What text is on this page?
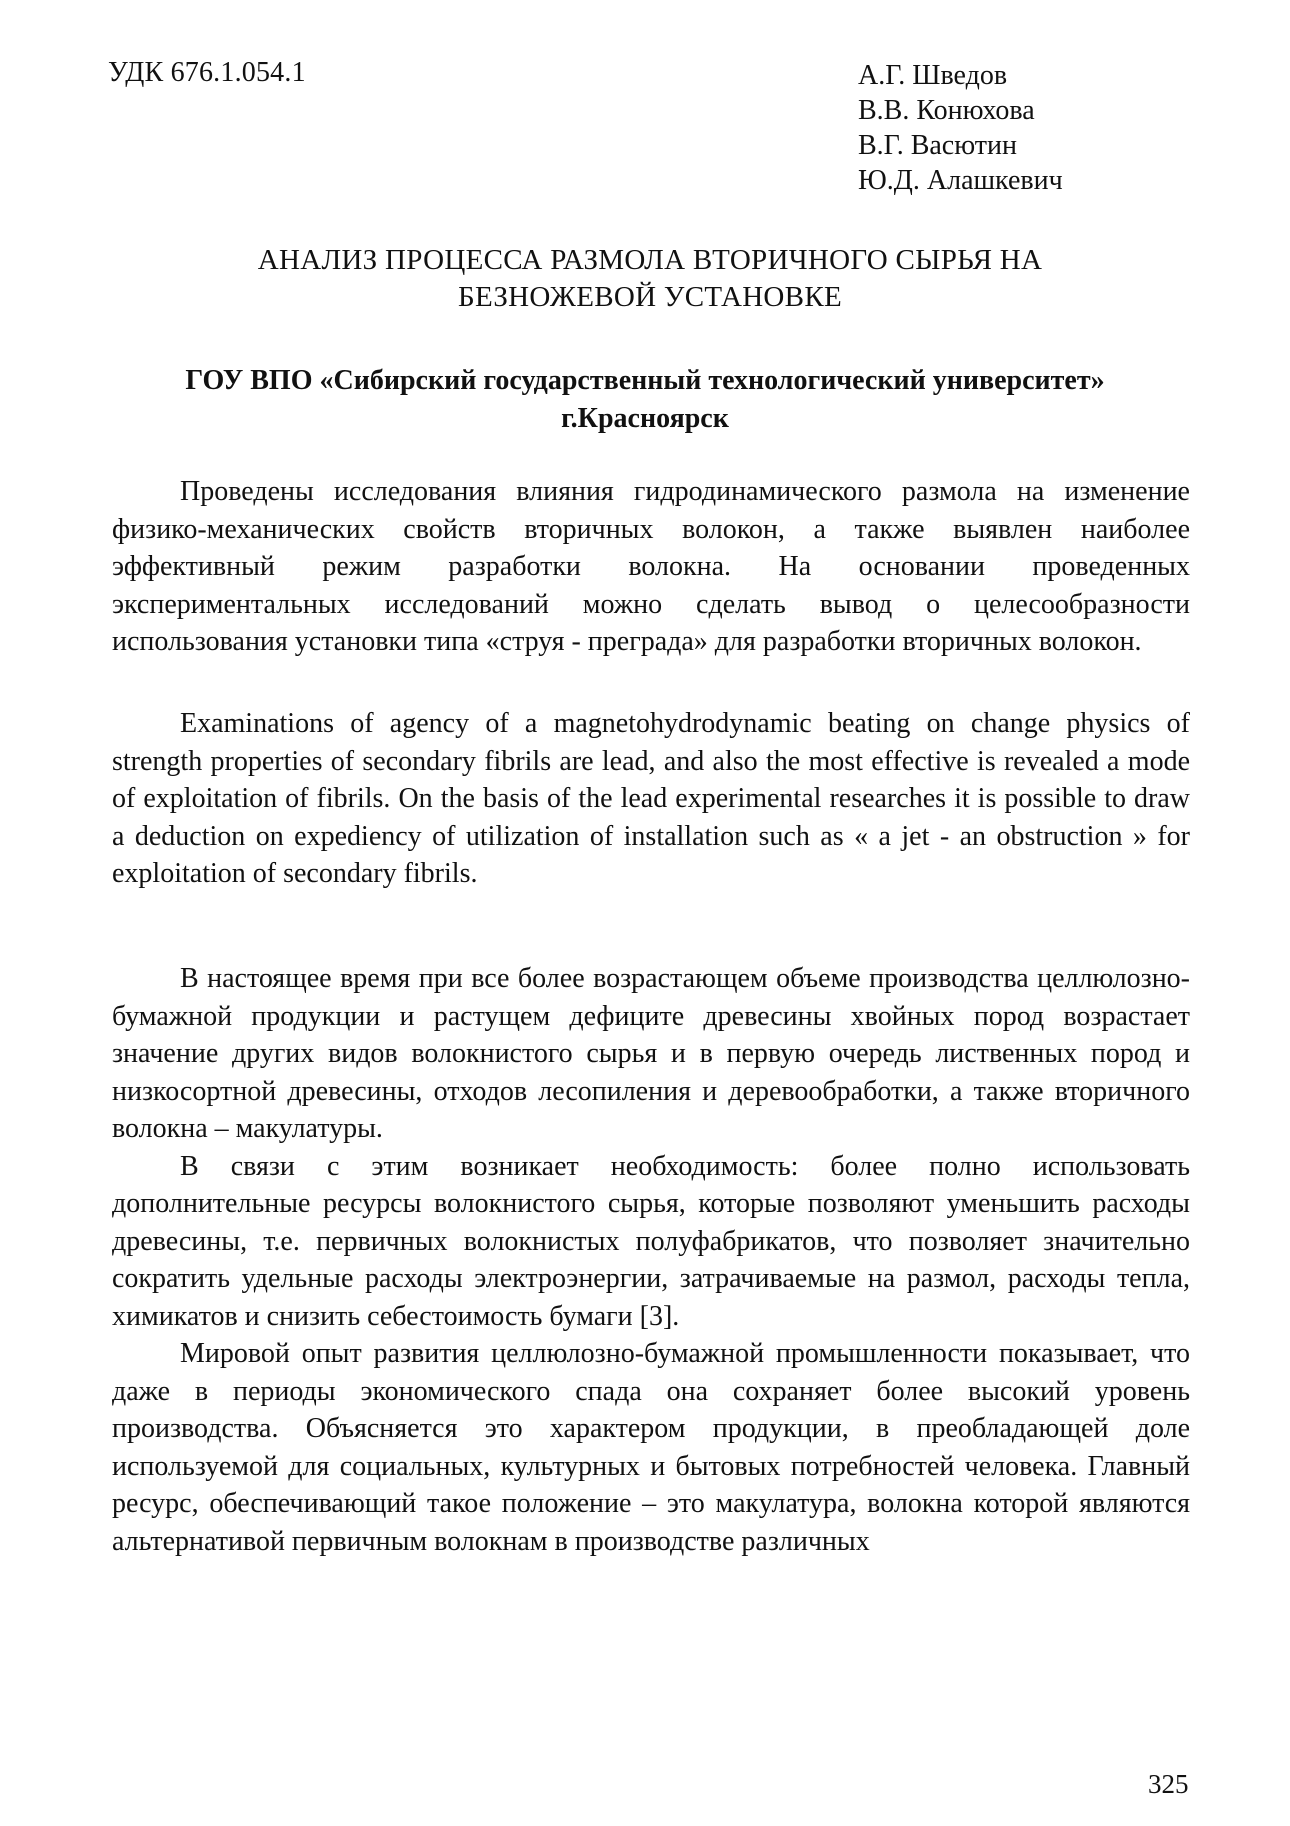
УДК 676.1.054.1	А.Г. Шведов
В.В. Конюхова
В.Г. Васютин
Ю.Д. Алашкевич
АНАЛИЗ ПРОЦЕССА РАЗМОЛА ВТОРИЧНОГО СЫРЬЯ НА
БЕЗНОЖЕВОЙ УСТАНОВКЕ
ГОУ ВПО «Сибирский государственный технологический университет»
г.Красноярск

Проведены исследования влияния гидродинамического размола на изменение физико-механических свойств вторичных волокон, а также выявлен наиболее эффективный режим разработки волокна. На основании проведенных экспериментальных исследований можно сделать вывод о целесообразности использования установки типа «струя - преграда» для разработки вторичных волокон.

Examinations of agency of a magnetohydrodynamic beating on change physics of strength properties of secondary fibrils are lead, and also the most effective is revealed a mode of exploitation of fibrils. On the basis of the lead experimental researches it is possible to draw a deduction on expediency of utilization of installation such as « a jet - an obstruction » for exploitation of secondary fibrils.

В настоящее время при все более возрастающем объеме производства целлюлозно-бумажной продукции и растущем дефиците древесины хвойных пород возрастает значение других видов волокнистого сырья и в первую очередь лиственных пород и низкосортной древесины, отходов лесопиления и деревообработки, а также вторичного волокна – макулатуры.

В связи с этим возникает необходимость: более полно использовать дополнительные ресурсы волокнистого сырья, которые позволяют уменьшить расходы древесины, т.е. первичных волокнистых полуфабрикатов, что позволяет значительно сократить удельные расходы электроэнергии, затрачиваемые на размол, расходы тепла, химикатов и снизить себестоимость бумаги [3].

Мировой опыт развития целлюлозно-бумажной промышленности показывает, что даже в периоды экономического спада она сохраняет более высокий уровень производства. Объясняется это характером продукции, в преобладающей доле используемой для социальных, культурных и бытовых потребностей человека. Главный ресурс, обеспечивающий такое положение – это макулатура, волокна которой являются альтернативой первичным волокнам в производстве различных

325
